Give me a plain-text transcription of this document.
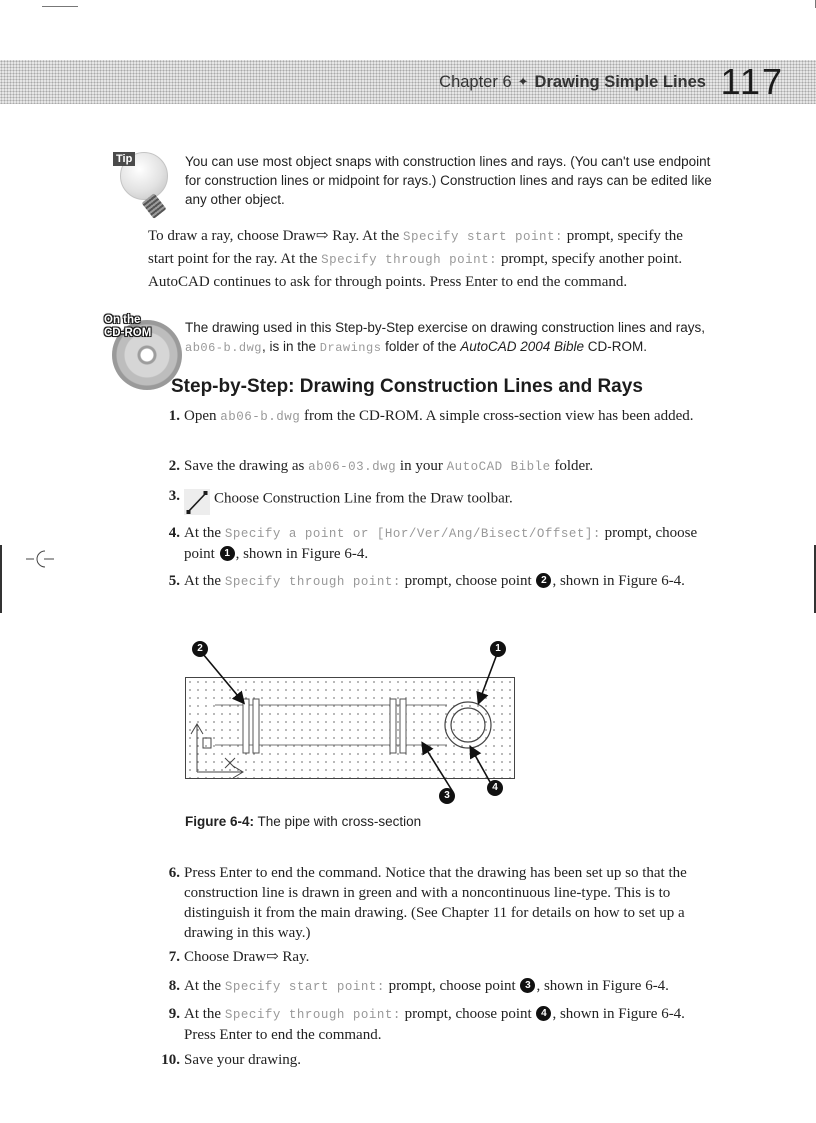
Chapter 6 ✦ Drawing Simple Lines 117
Tip	You can use most object snaps with construction lines and rays. (You can't use endpoint for construction lines or midpoint for rays.) Construction lines and rays can be edited like any other object.
To draw a ray, choose Draw⇨ Ray. At the Specify start point: prompt, specify the start point for the ray. At the Specify through point: prompt, specify another point. AutoCAD continues to ask for through points. Press Enter to end the command.
On the
CD-ROM The drawing used in this Step-by-Step exercise on drawing construction lines and rays, ab06-b.dwg, is in the Drawings folder of the AutoCAD 2004 Bible CD-ROM.
Step-by-Step: Drawing Construction Lines and Rays
1. Open ab06-b.dwg from the CD-ROM. A simple cross-section view has been added.
2. Save the drawing as ab06-03.dwg in your AutoCAD Bible folder.
3.	Choose Construction Line from the Draw toolbar.
4. At the Specify a point or [Hor/Ver/Ang/Bisect/Offset]: prompt, choose point 1 , shown in Figure 6-4.
5. At the Specify through point: prompt, choose point 2 , shown in Figure 6-4.
2	1
3
4
Figure 6-4: The pipe with cross-section
6. Press Enter to end the command. Notice that the drawing has been set up so that the construction line is drawn in green and with a noncontinuous line-type. This is to distinguish it from the main drawing. (See Chapter 11 for details on how to set up a drawing in this way.)
7. Choose Draw⇨ Ray.
8. At the Specify start point: prompt, choose point 3 , shown in Figure 6-4.
9. At the Specify through point: prompt, choose point 4 , shown in Figure 6-4. Press Enter to end the command.
10. Save your drawing.
